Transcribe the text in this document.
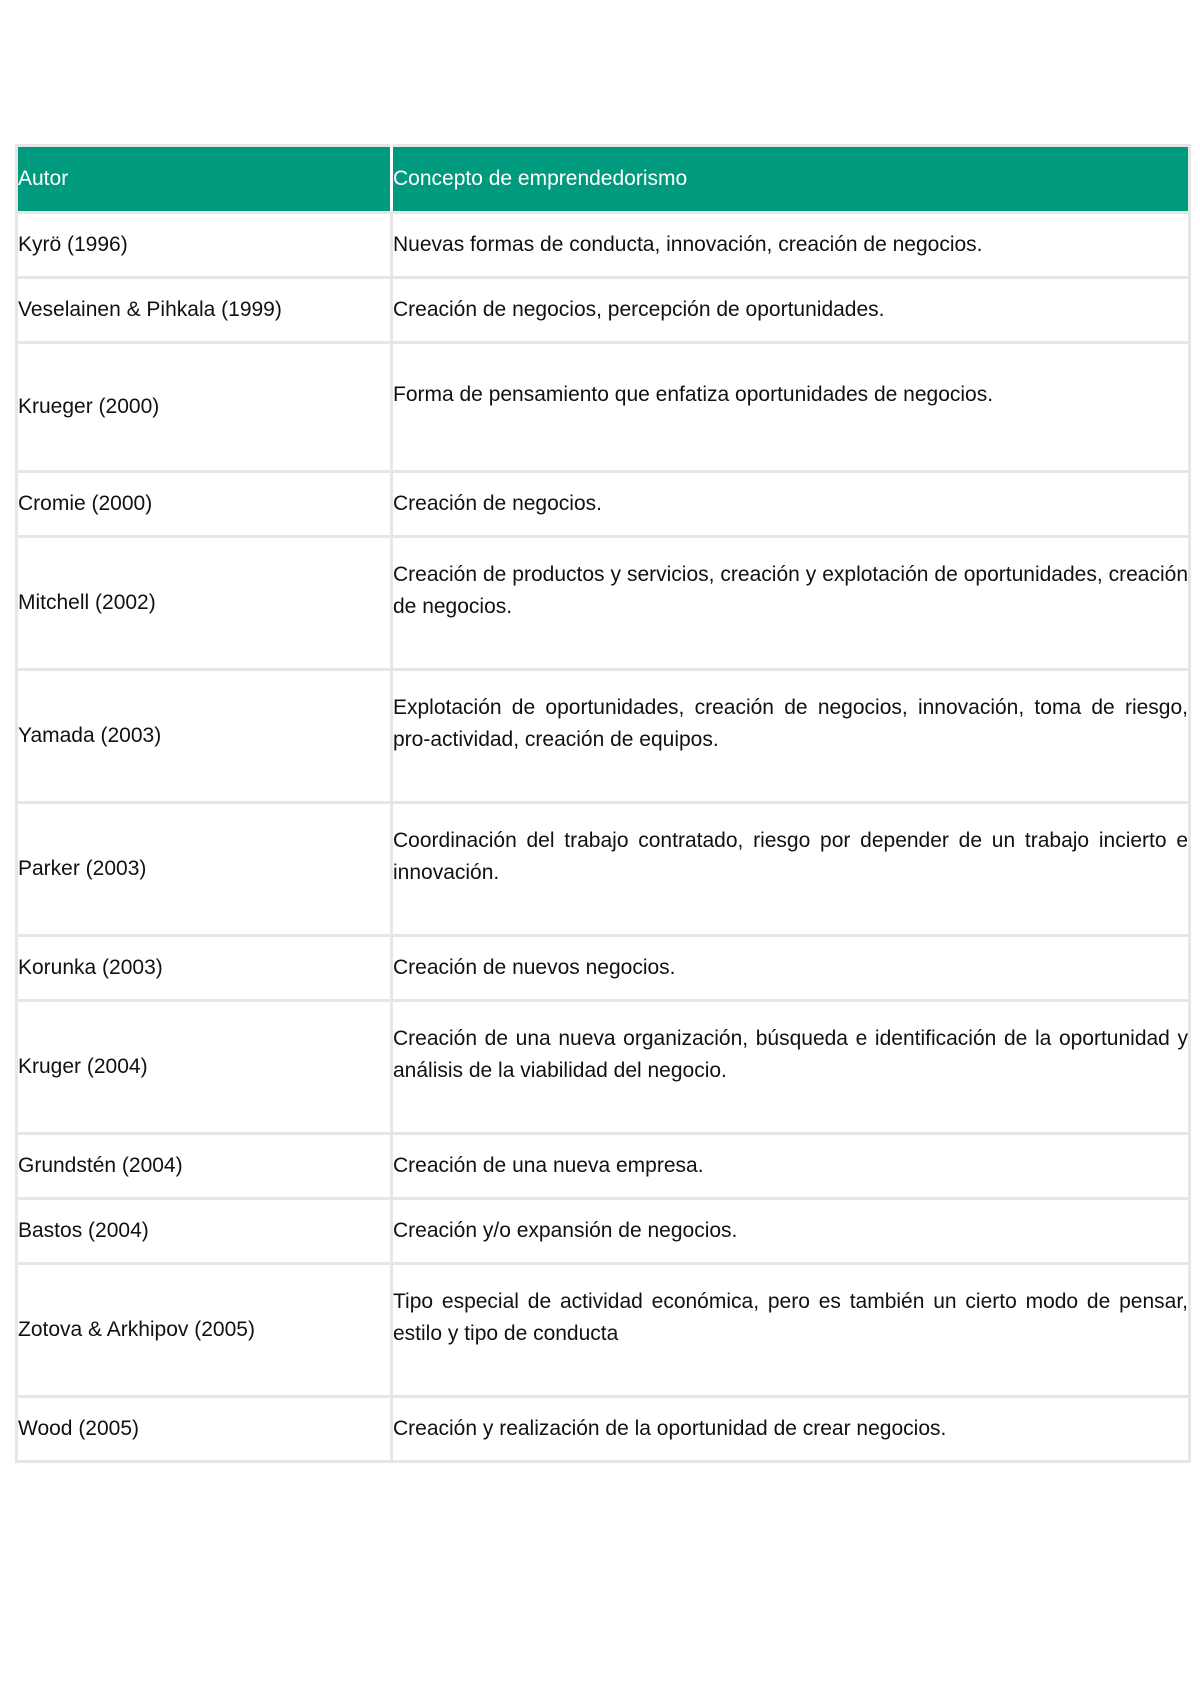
Autor	Concepto de emprendedorismo
Kyrö (1996)	Nuevas formas de conducta, innovación, creación de negocios.

Veselainen & Pihkala (1999)	Creación de negocios, percepción de oportunidades.

Krueger (2000)	Forma de pensamiento que enfatiza oportunidades de negocios.

Cromie (2000)	Creación de negocios.

Mitchell (2002)	Creación de productos y servicios, creación y explotación de oportunidades, creación de negocios.

Yamada (2003)	Explotación de oportunidades, creación de negocios, innovación, toma de riesgo, pro-actividad, creación de equipos.

Parker (2003)	Coordinación del trabajo contratado, riesgo por depender de un trabajo incierto e innovación.

Korunka (2003)	Creación de nuevos negocios.

Kruger (2004)	Creación de una nueva organización, búsqueda e identificación de la oportunidad y análisis de la viabilidad del negocio.

Grundstén (2004)	Creación de una nueva empresa.

Bastos (2004)	Creación y/o expansión de negocios.

Zotova & Arkhipov (2005)	Tipo especial de actividad económica, pero es también un cierto modo de pensar, estilo y tipo de conducta

Wood (2005)	Creación y realización de la oportunidad de crear negocios.
